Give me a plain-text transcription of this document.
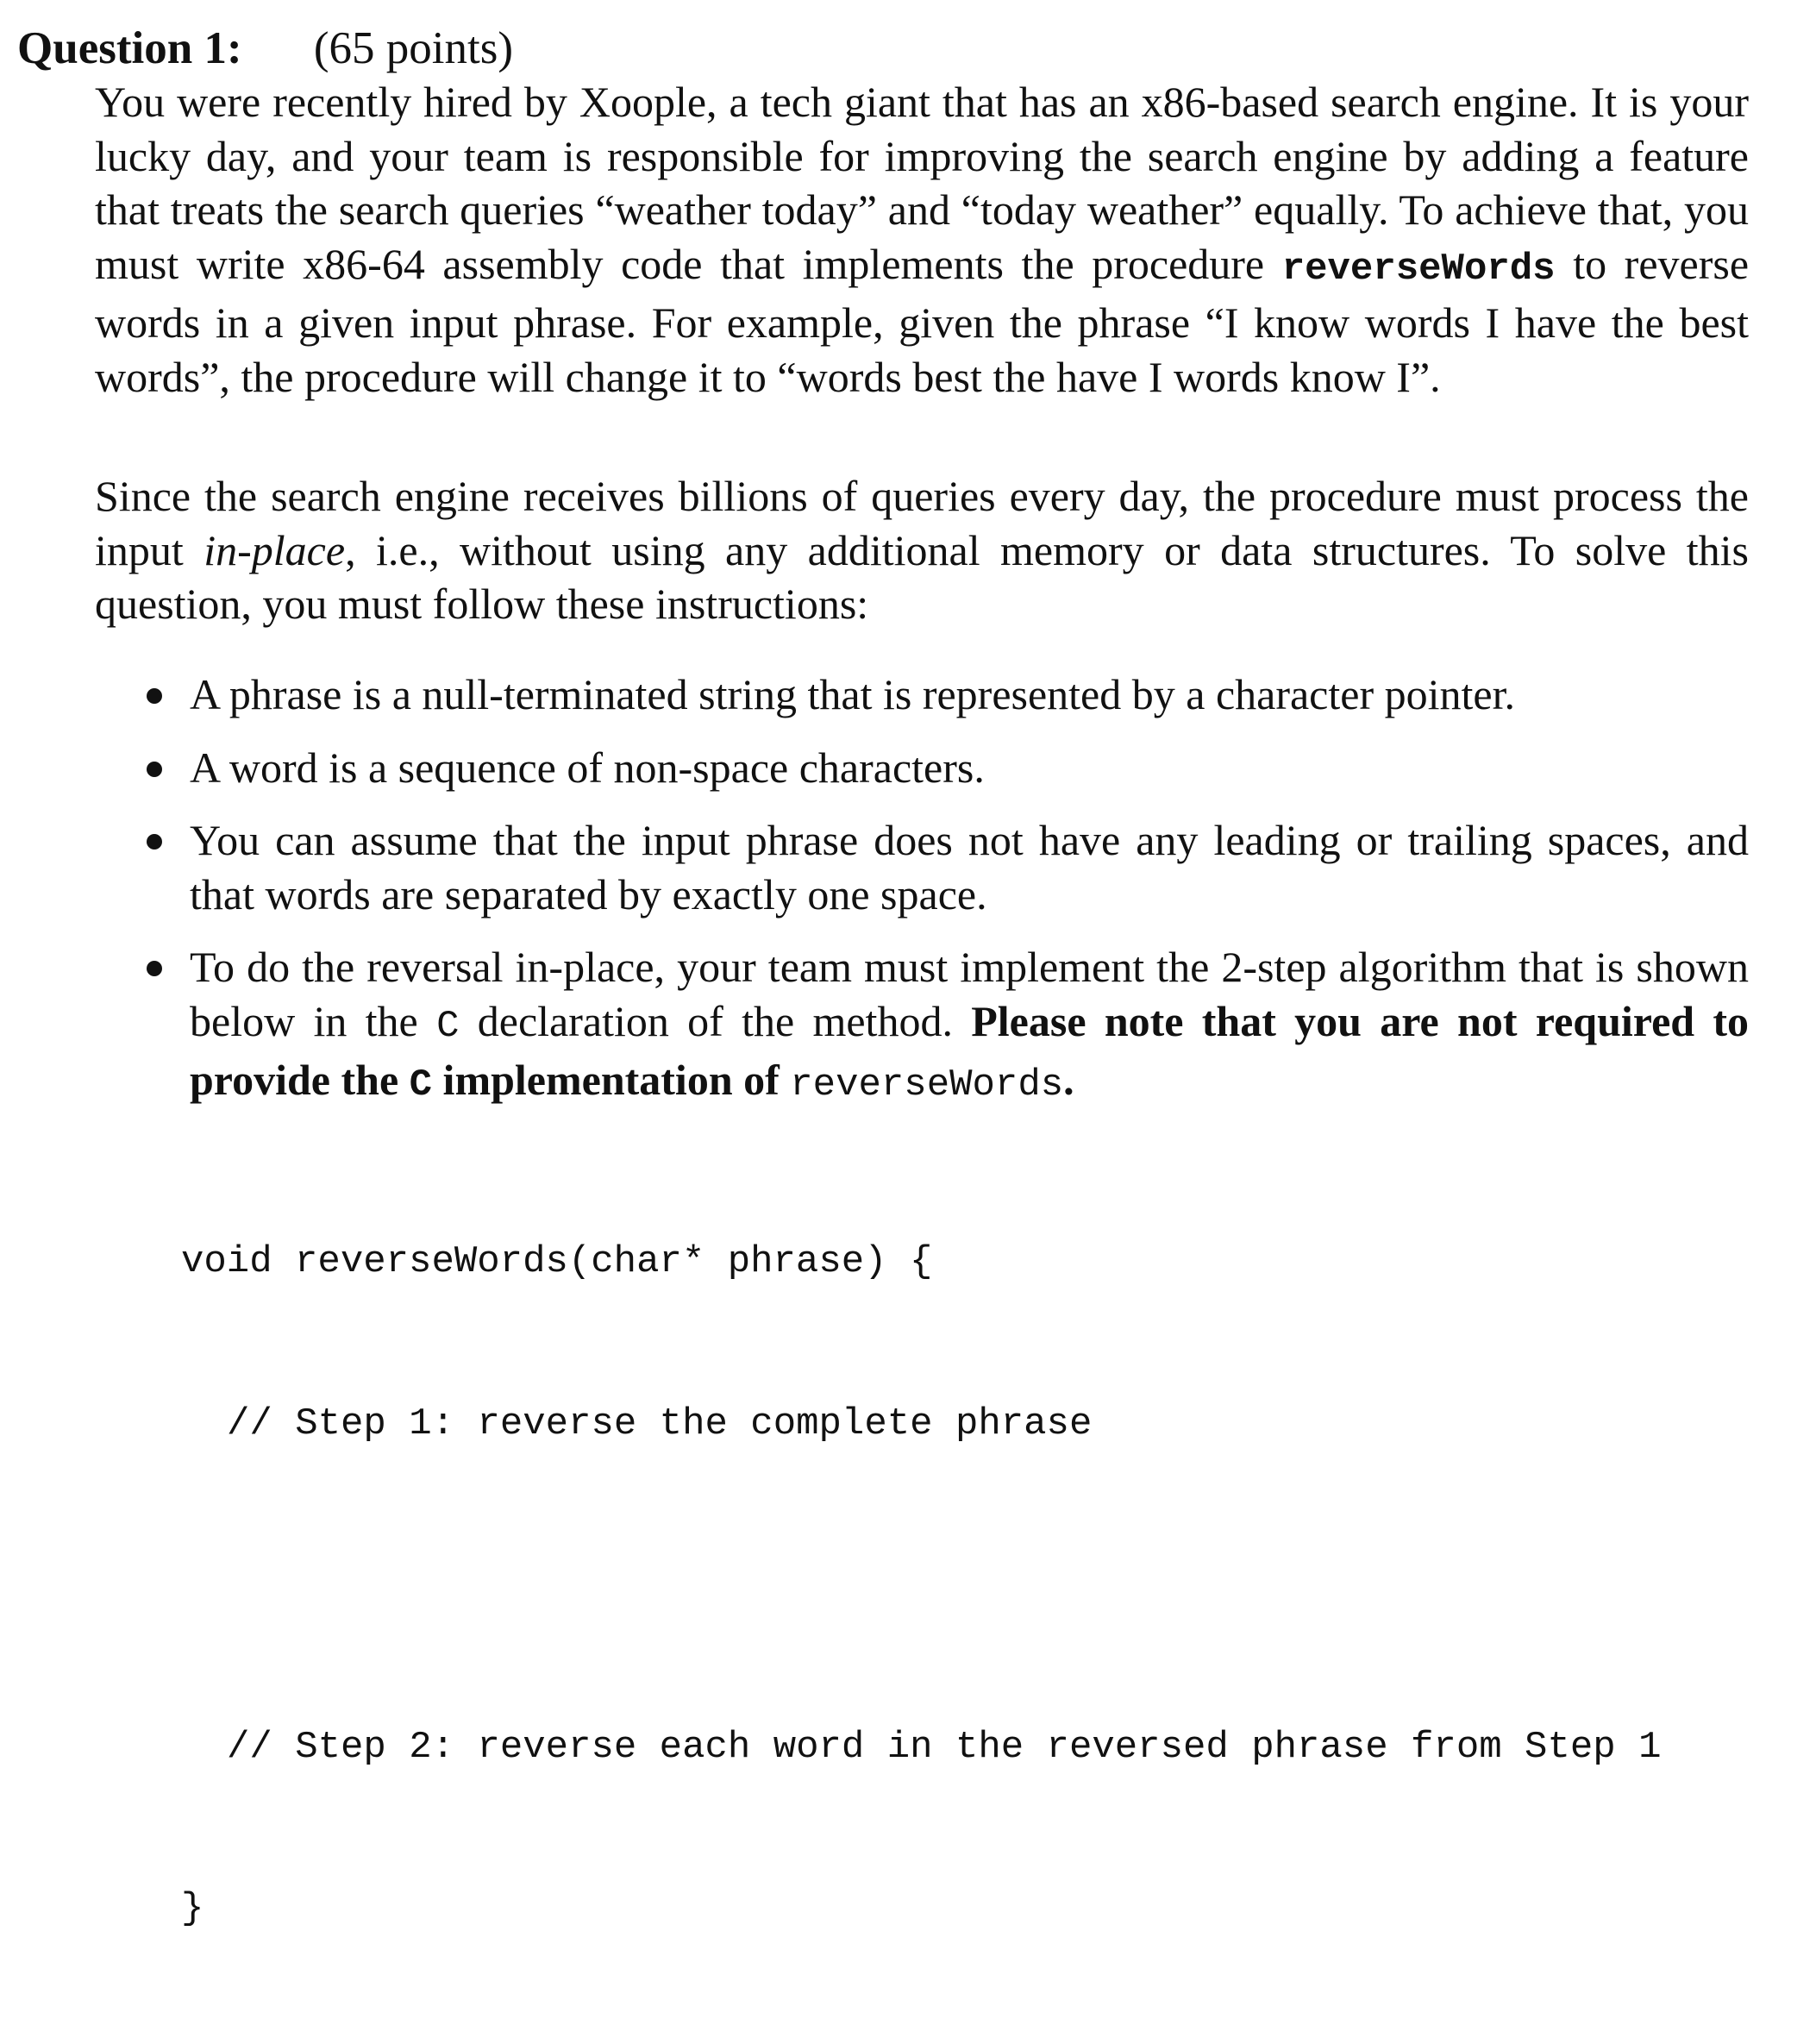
Question 1: (65 points)
You were recently hired by Xoople, a tech giant that has an x86-based search engine. It is your lucky day, and your team is responsible for improving the search engine by adding a feature that treats the search queries “weather today” and “today weather” equally. To achieve that, you must write x86-64 assembly code that implements the procedure reverseWords to reverse words in a given input phrase. For example, given the phrase “I know words I have the best words”, the procedure will change it to “words best the have I words know I”.
Since the search engine receives billions of queries every day, the procedure must process the input in-place, i.e., without using any additional memory or data structures. To solve this question, you must follow these instructions:
A phrase is a null-terminated string that is represented by a character pointer.
A word is a sequence of non-space characters.
You can assume that the input phrase does not have any leading or trailing spaces, and that words are separated by exactly one space.
To do the reversal in-place, your team must implement the 2-step algorithm that is shown below in the C declaration of the method. Please note that you are not required to provide the C implementation of reverseWords.

void reverseWords(char* phrase) {

// Step 1: reverse the complete phrase

// Step 2: reverse each word in the reversed phrase from Step 1

}
